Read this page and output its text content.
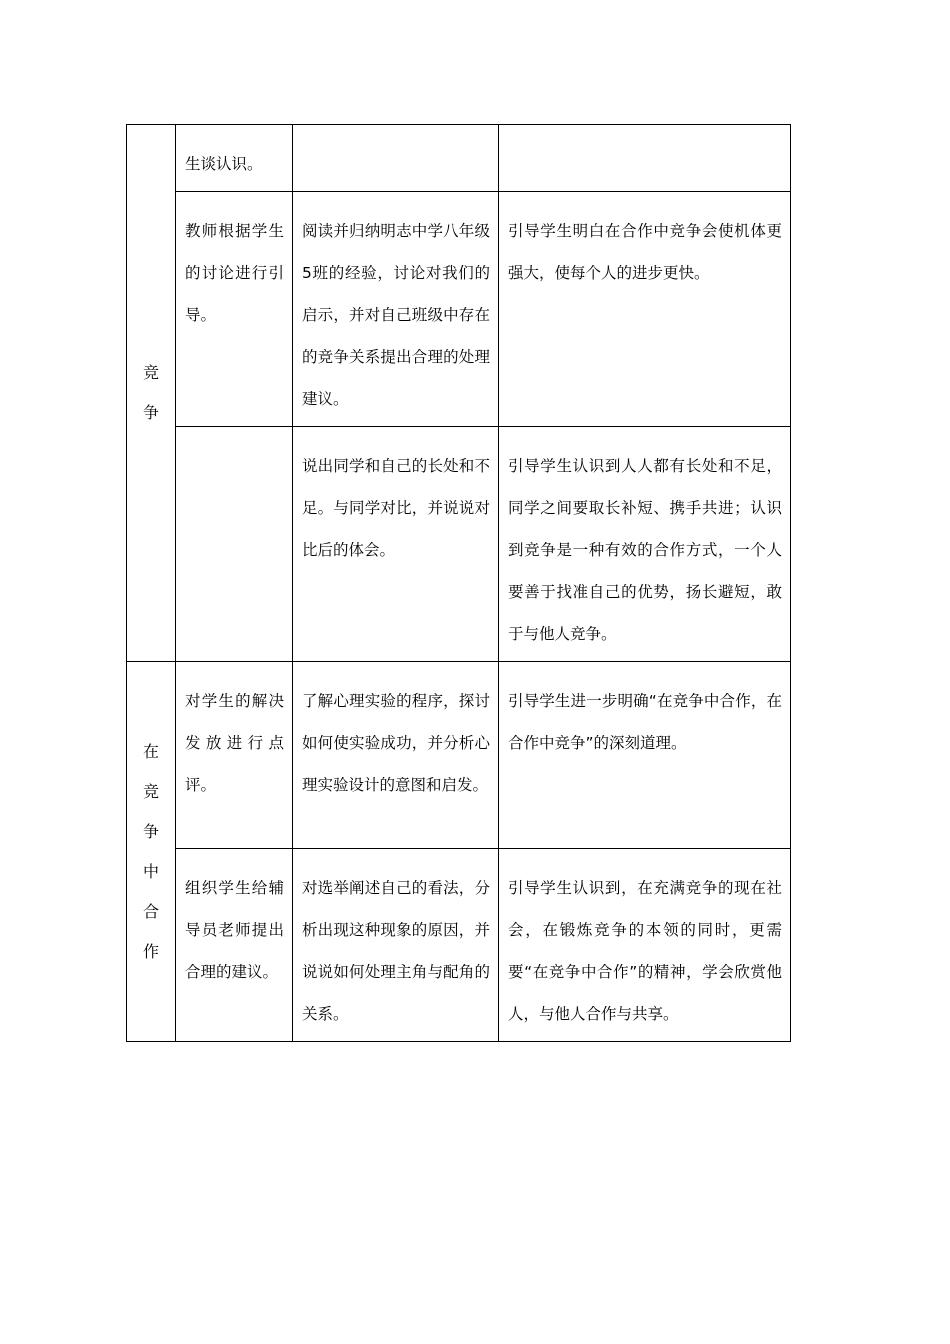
竞争	生谈认识。		
	教师根据学生的讨论进行引导。	阅读并归纳明志中学八年级5班的经验，讨论对我们的启示，并对自己班级中存在的竞争关系提出合理的处理建议。	引导学生明白在合作中竞争会使机体更强大，使每个人的进步更快。
		说出同学和自己的长处和不足。与同学对比，并说说对比后的体会。	引导学生认识到人人都有长处和不足，同学之间要取长补短、携手共进；认识到竞争是一种有效的合作方式，一个人要善于找准自己的优势，扬长避短，敢于与他人竞争。

在竞争中合作	对学生的解决发放进行点评。	了解心理实验的程序，探讨如何使实验成功，并分析心理实验设计的意图和启发。	引导学生进一步明确“在竞争中合作，在合作中竞争”的深刻道理。
	组织学生给辅导员老师提出合理的建议。	对选举阐述自己的看法，分析出现这种现象的原因，并说说如何处理主角与配角的关系。	引导学生认识到，在充满竞争的现在社会，在锻炼竞争的本领的同时，更需要“在竞争中合作”的精神，学会欣赏他人，与他人合作与共享。
